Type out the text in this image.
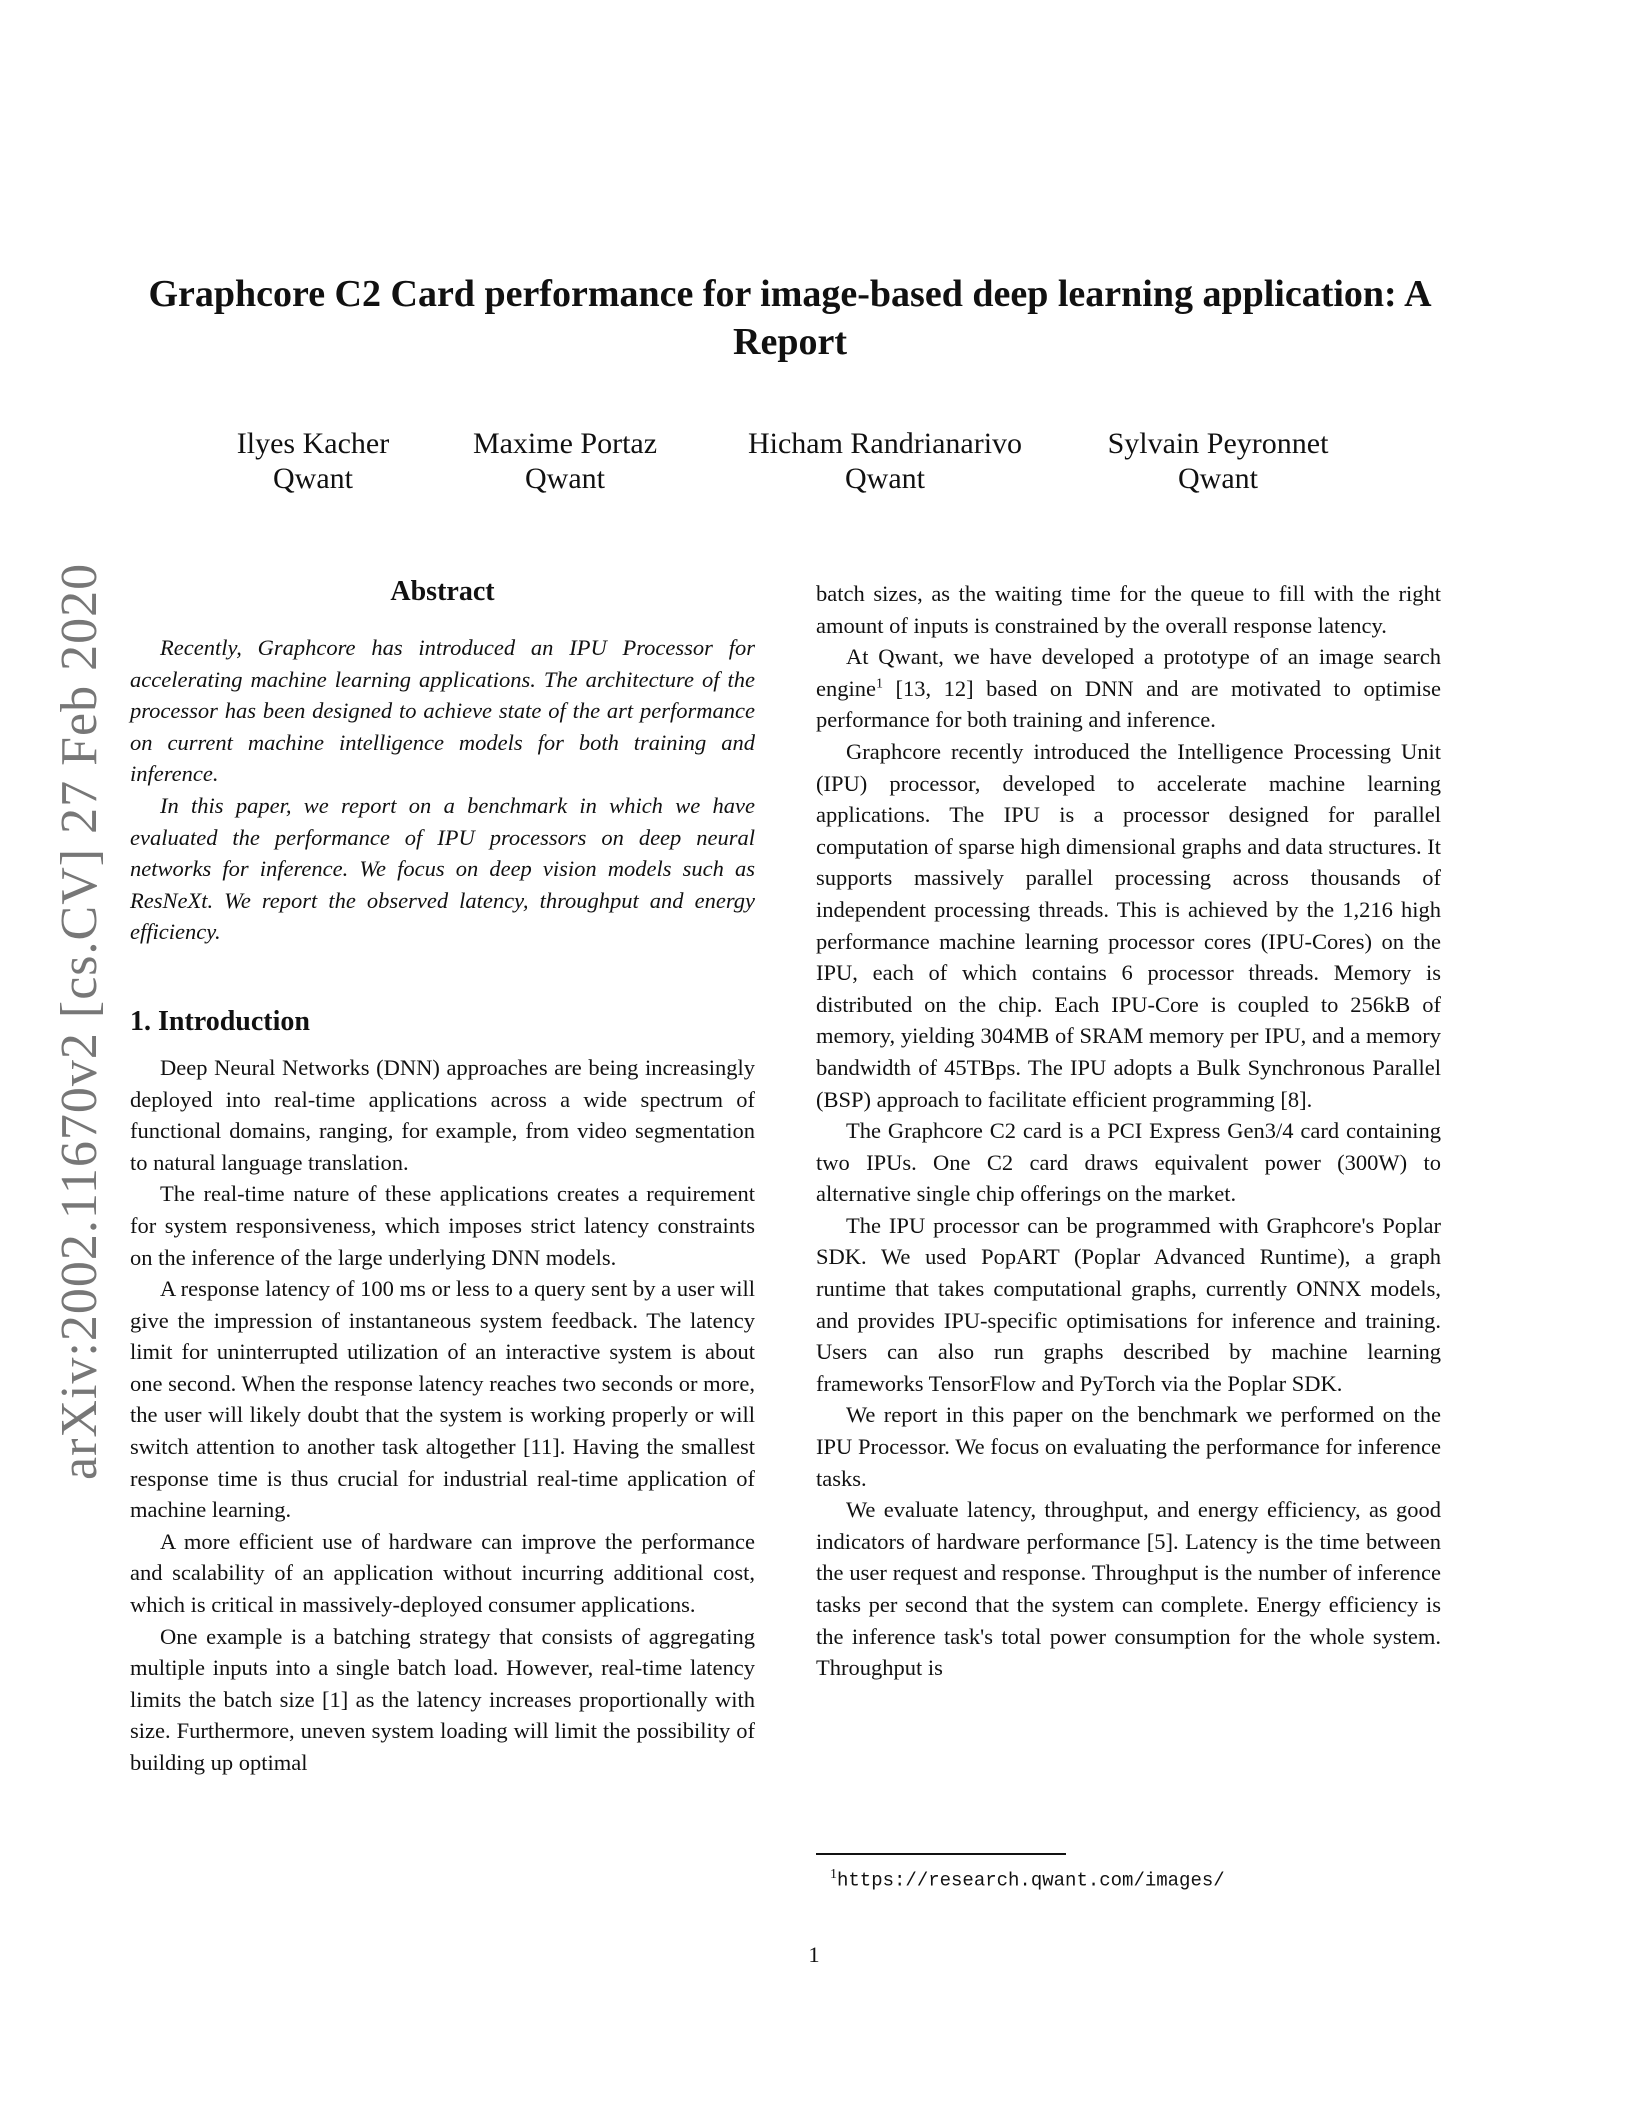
arXiv:2002.11670v2 [cs.CV] 27 Feb 2020
Graphcore C2 Card performance for image-based deep learning application: A Report
Ilyes Kacher
Qwant
Maxime Portaz
Qwant
Hicham Randrianarivo
Qwant
Sylvain Peyronnet
Qwant
Abstract

Recently, Graphcore has introduced an IPU Processor for accelerating machine learning applications. The architecture of the processor has been designed to achieve state of the art performance on current machine intelligence models for both training and inference.

In this paper, we report on a benchmark in which we have evaluated the performance of IPU processors on deep neural networks for inference. We focus on deep vision models such as ResNeXt. We report the observed latency, throughput and energy efficiency.

1. Introduction

Deep Neural Networks (DNN) approaches are being increasingly deployed into real-time applications across a wide spectrum of functional domains, ranging, for example, from video segmentation to natural language translation.

The real-time nature of these applications creates a requirement for system responsiveness, which imposes strict latency constraints on the inference of the large underlying DNN models.

A response latency of 100 ms or less to a query sent by a user will give the impression of instantaneous system feedback. The latency limit for uninterrupted utilization of an interactive system is about one second. When the response latency reaches two seconds or more, the user will likely doubt that the system is working properly or will switch attention to another task altogether [11]. Having the smallest response time is thus crucial for industrial real-time application of machine learning.

A more efficient use of hardware can improve the performance and scalability of an application without incurring additional cost, which is critical in massively-deployed consumer applications.

One example is a batching strategy that consists of aggregating multiple inputs into a single batch load. However, real-time latency limits the batch size [1] as the latency increases proportionally with size. Furthermore, uneven system loading will limit the possibility of building up optimal

batch sizes, as the waiting time for the queue to fill with the right amount of inputs is constrained by the overall response latency.

At Qwant, we have developed a prototype of an image search engine$^1$ [13, 12] based on DNN and are motivated to optimise performance for both training and inference.

Graphcore recently introduced the Intelligence Processing Unit (IPU) processor, developed to accelerate machine learning applications. The IPU is a processor designed for parallel computation of sparse high dimensional graphs and data structures. It supports massively parallel processing across thousands of independent processing threads. This is achieved by the 1,216 high performance machine learning processor cores (IPU-Cores) on the IPU, each of which contains 6 processor threads. Memory is distributed on the chip. Each IPU-Core is coupled to 256kB of memory, yielding 304MB of SRAM memory per IPU, and a memory bandwidth of 45TBps. The IPU adopts a Bulk Synchronous Parallel (BSP) approach to facilitate efficient programming [8].

The Graphcore C2 card is a PCI Express Gen3/4 card containing two IPUs. One C2 card draws equivalent power (300W) to alternative single chip offerings on the market.

The IPU processor can be programmed with Graphcore's Poplar SDK. We used PopART (Poplar Advanced Runtime), a graph runtime that takes computational graphs, currently ONNX models, and provides IPU-specific optimisations for inference and training. Users can also run graphs described by machine learning frameworks TensorFlow and PyTorch via the Poplar SDK.

We report in this paper on the benchmark we performed on the IPU Processor. We focus on evaluating the performance for inference tasks.

We evaluate latency, throughput, and energy efficiency, as good indicators of hardware performance [5]. Latency is the time between the user request and response. Throughput is the number of inference tasks per second that the system can complete. Energy efficiency is the inference task's total power consumption for the whole system. Throughput is

$^1$https://research.qwant.com/images/
1
